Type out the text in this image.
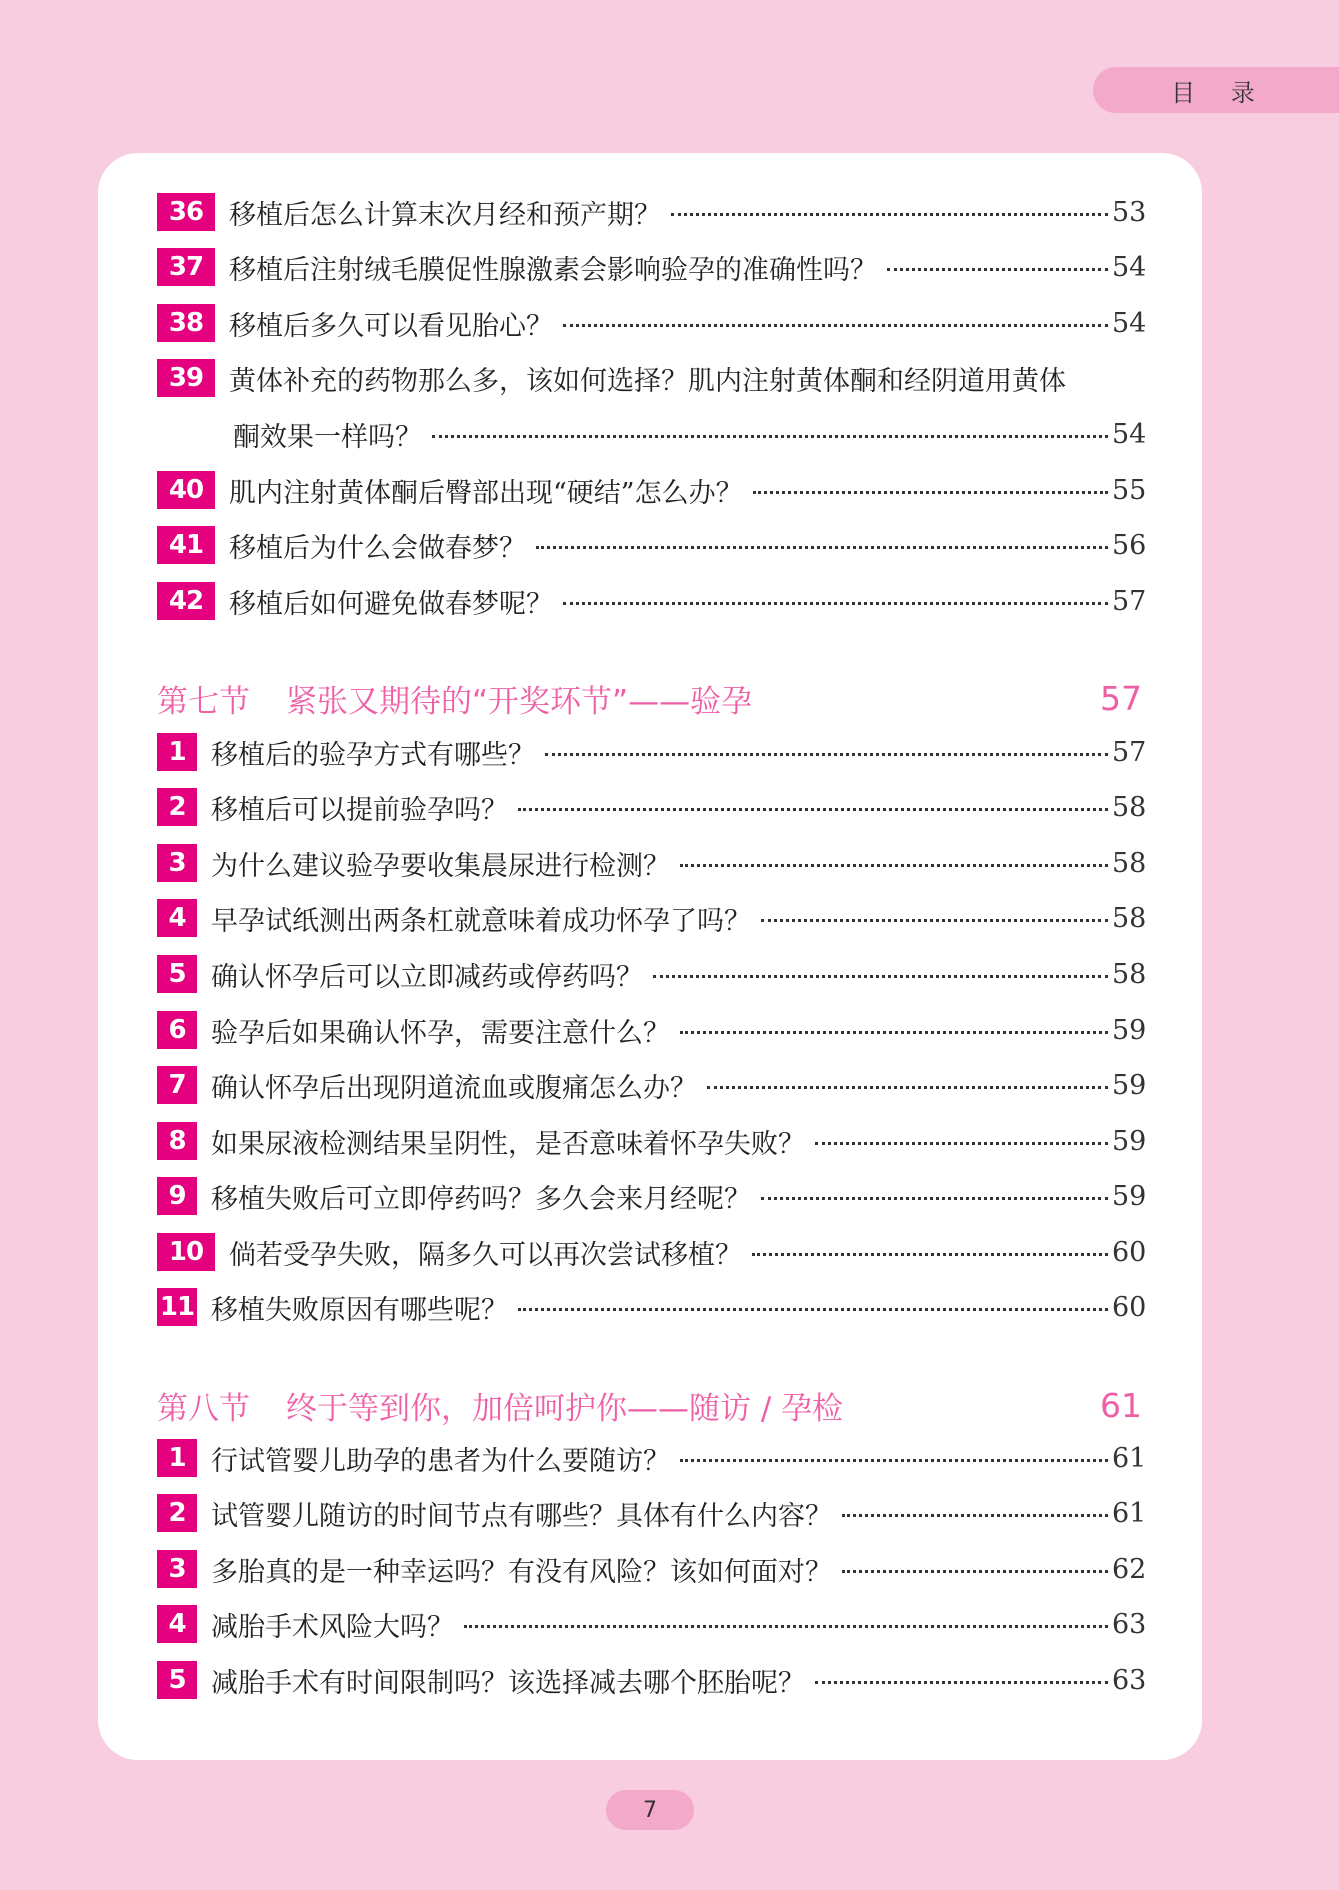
目 录
36 移植后怎么计算末次月经和预产期？	53
37 移植后注射绒毛膜促性腺激素会影响验孕的准确性吗？	54
38 移植后多久可以看见胎心？	54
39 黄体补充的药物那么多，该如何选择？肌内注射黄体酮和经阴道用黄体
酮效果一样吗？	54
40 肌内注射黄体酮后臀部出现“硬结”怎么办？	55
41 移植后为什么会做春梦？	56
42 移植后如何避免做春梦呢？	57
第七节 紧张又期待的“开奖环节”——验孕	57
1 移植后的验孕方式有哪些？	57
2 移植后可以提前验孕吗？	58
3 为什么建议验孕要收集晨尿进行检测？	58
4 早孕试纸测出两条杠就意味着成功怀孕了吗？	58
5 确认怀孕后可以立即减药或停药吗？	58
6 验孕后如果确认怀孕，需要注意什么？	59
7 确认怀孕后出现阴道流血或腹痛怎么办？	59
8 如果尿液检测结果呈阴性，是否意味着怀孕失败？	59
9 移植失败后可立即停药吗？多久会来月经呢？	59
10 倘若受孕失败，隔多久可以再次尝试移植？	60
11 移植失败原因有哪些呢？	60
第八节 终于等到你，加倍呵护你——随访 / 孕检	61
1 行试管婴儿助孕的患者为什么要随访？	61
2 试管婴儿随访的时间节点有哪些？具体有什么内容？	61
3 多胎真的是一种幸运吗？有没有风险？该如何面对？	62
4 减胎手术风险大吗？	63
5 减胎手术有时间限制吗？该选择减去哪个胚胎呢？	63
7
